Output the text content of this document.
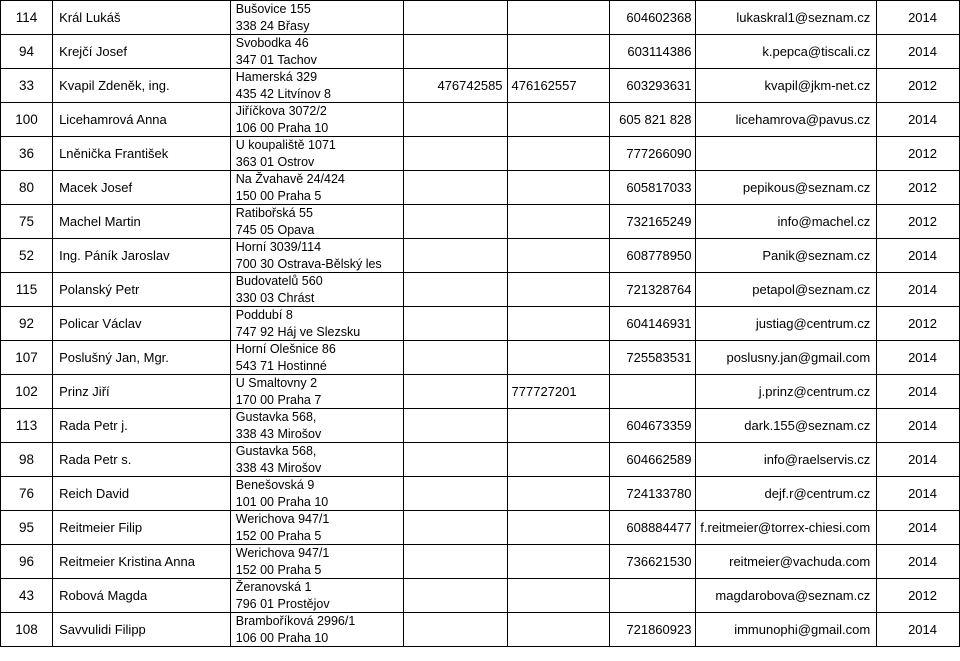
114	Král Lukáš	Bušovice 155
338 24 Břasy			604602368	lukaskral1@seznam.cz	2014
94	Krejčí Josef	Svobodka 46
347 01 Tachov			603114386	k.pepca@tiscali.cz	2014
33	Kvapil Zdeněk, ing.	Hamerská 329
435 42 Litvínov 8	476742585	476162557	603293631	kvapil@jkm-net.cz	2012
100	Licehamrová Anna	Jiříčkova 3072/2
106 00 Praha 10			605 821 828	licehamrova@pavus.cz	2014
36	Lněnička František	U koupaliště 1071
363 01 Ostrov			777266090		2012
80	Macek Josef	Na Žvahavě 24/424
150 00 Praha 5			605817033	pepikous@seznam.cz	2012
75	Machel Martin	Ratibořská 55
745 05 Opava			732165249	info@machel.cz	2012
52	Ing. Páník Jaroslav	Horní 3039/114
700 30 Ostrava-Bělský les			608778950	Panik@seznam.cz	2014
115	Polanský Petr	Budovatelů 560
330 03 Chrást			721328764	petapol@seznam.cz	2014
92	Policar Václav	Poddubí 8
747 92 Háj ve Slezsku			604146931	justiag@centrum.cz	2012
107	Poslušný Jan, Mgr.	Horní Olešnice 86
543 71 Hostinné			725583531	poslusny.jan@gmail.com	2014
102	Prinz Jiří	U Smaltovny 2
170 00 Praha 7		777727201		j.prinz@centrum.cz	2014
113	Rada Petr j.	Gustavka 568,
338 43 Mirošov			604673359	dark.155@seznam.cz	2014
98	Rada Petr s.	Gustavka 568,
338 43 Mirošov			604662589	info@raelservis.cz	2014
76	Reich David	Benešovská 9
101 00 Praha 10			724133780	dejf.r@centrum.cz	2014
95	Reitmeier Filip	Werichova 947/1
152 00 Praha 5			608884477	f.reitmeier@torrex-chiesi.com	2014
96	Reitmeier Kristina Anna	Werichova 947/1
152 00 Praha 5			736621530	reitmeier@vachuda.com	2014
43	Robová Magda	Žeranovská 1
796 01 Prostějov				magdarobova@seznam.cz	2012
108	Savvulidi Filipp	Bramboříková 2996/1
106 00 Praha 10			721860923	immunophi@gmail.com	2014
